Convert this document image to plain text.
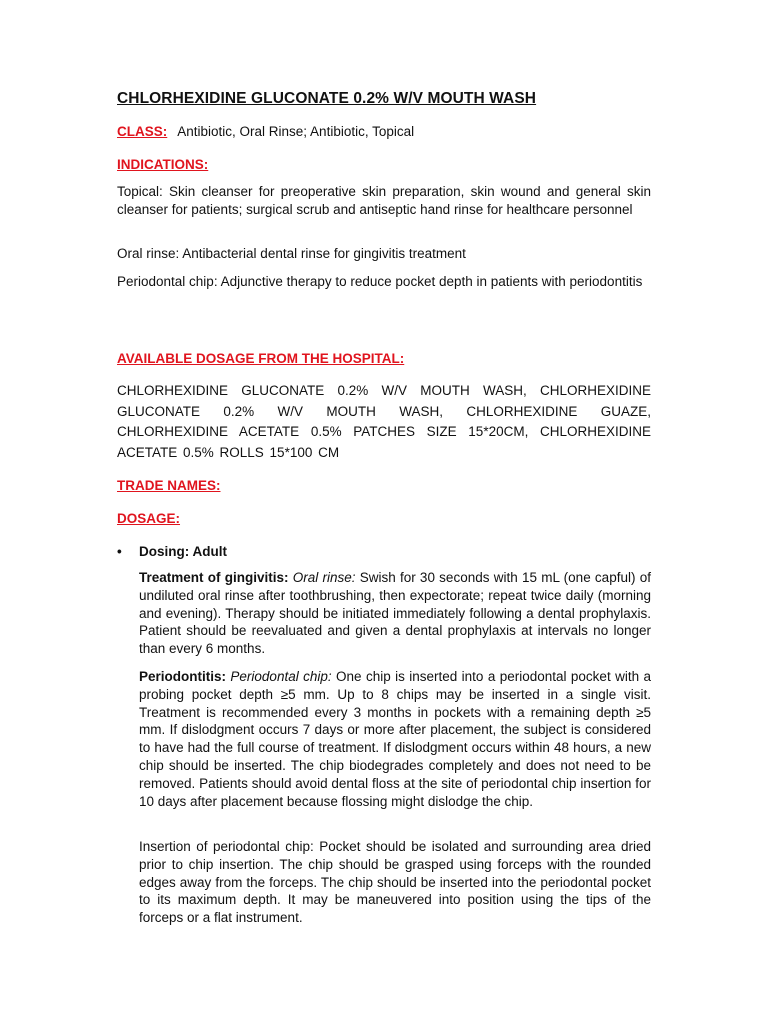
CHLORHEXIDINE GLUCONATE 0.2% W/V MOUTH WASH
CLASS: Antibiotic, Oral Rinse; Antibiotic, Topical
INDICATIONS:

Topical: Skin cleanser for preoperative skin preparation, skin wound and general skin cleanser for patients; surgical scrub and antiseptic hand rinse for healthcare personnel

Oral rinse: Antibacterial dental rinse for gingivitis treatment

Periodontal chip: Adjunctive therapy to reduce pocket depth in patients with periodontitis

AVAILABLE DOSAGE FROM THE HOSPITAL:

CHLORHEXIDINE GLUCONATE 0.2% W/V MOUTH WASH, CHLORHEXIDINE GLUCONATE 0.2% W/V MOUTH WASH, CHLORHEXIDINE GUAZE, CHLORHEXIDINE ACETATE 0.5% PATCHES SIZE 15*20CM, CHLORHEXIDINE ACETATE 0.5% ROLLS 15*100 CM

TRADE NAMES:
DOSAGE:
• Dosing: Adult

Treatment of gingivitis: Oral rinse: Swish for 30 seconds with 15 mL (one capful) of undiluted oral rinse after toothbrushing, then expectorate; repeat twice daily (morning and evening). Therapy should be initiated immediately following a dental prophylaxis. Patient should be reevaluated and given a dental prophylaxis at intervals no longer than every 6 months.

Periodontitis: Periodontal chip: One chip is inserted into a periodontal pocket with a probing pocket depth ≥5 mm. Up to 8 chips may be inserted in a single visit. Treatment is recommended every 3 months in pockets with a remaining depth ≥5 mm. If dislodgment occurs 7 days or more after placement, the subject is considered to have had the full course of treatment. If dislodgment occurs within 48 hours, a new chip should be inserted. The chip biodegrades completely and does not need to be removed. Patients should avoid dental floss at the site of periodontal chip insertion for 10 days after placement because flossing might dislodge the chip.

Insertion of periodontal chip: Pocket should be isolated and surrounding area dried prior to chip insertion. The chip should be grasped using forceps with the rounded edges away from the forceps. The chip should be inserted into the periodontal pocket to its maximum depth. It may be maneuvered into position using the tips of the forceps or a flat instrument.
